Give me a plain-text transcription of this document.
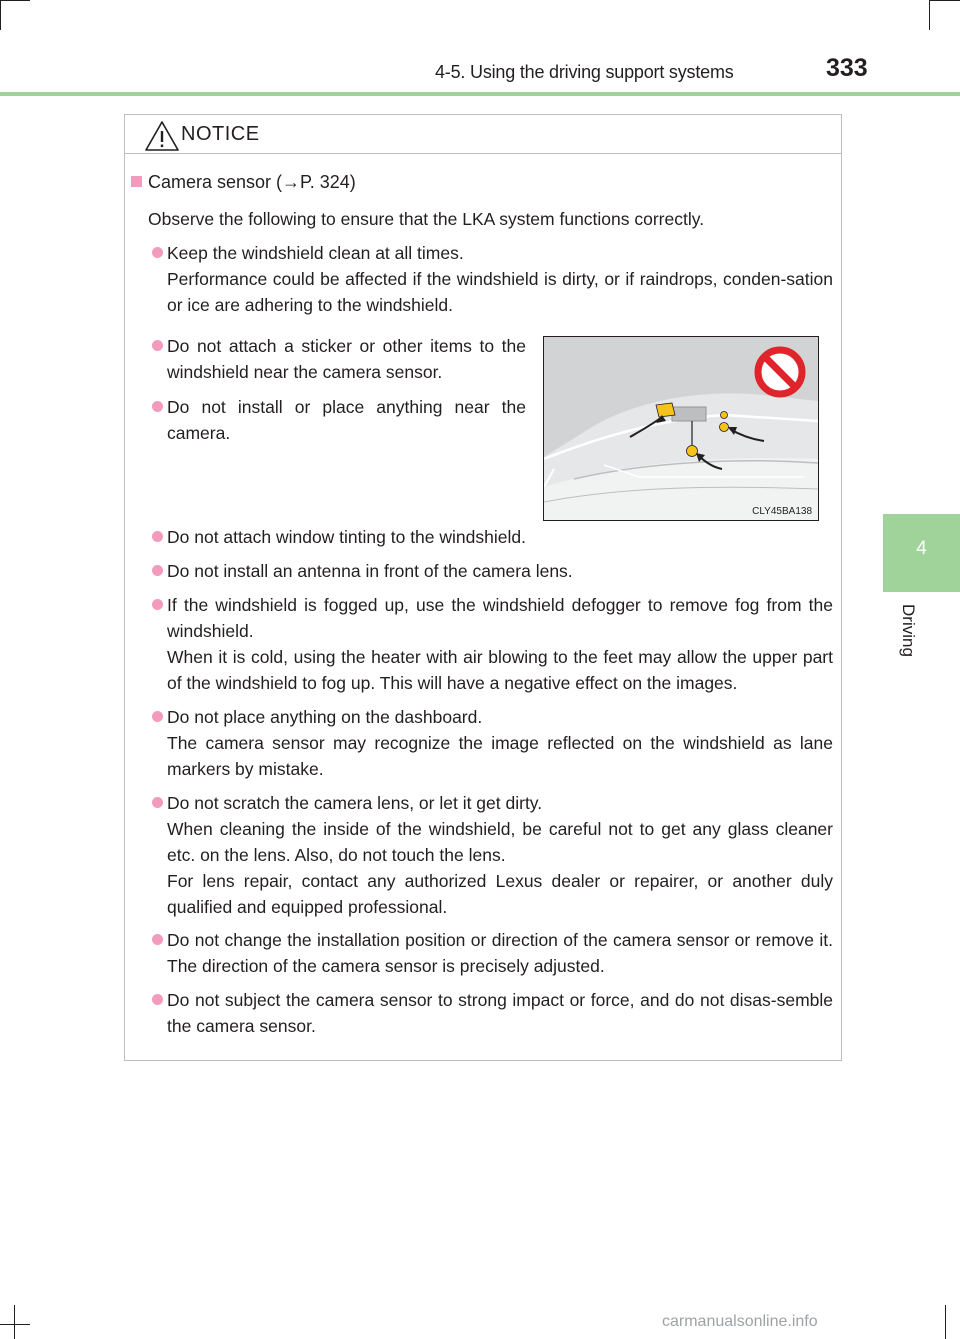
4-5. Using the driving support systems	333
4
Driving
NOTICE
Camera sensor (→P. 324)
Observe the following to ensure that the LKA system functions correctly.

Keep the windshield clean at all times.

Performance could be affected if the windshield is dirty, or if raindrops, conden-sation or ice are adhering to the windshield.

Do not attach a sticker or other items to the windshield near the camera sensor.

Do not install or place anything near the camera.

CLY45BA138

Do not attach window tinting to the windshield.

Do not install an antenna in front of the camera lens.

If the windshield is fogged up, use the windshield defogger to remove fog from the windshield.

When it is cold, using the heater with air blowing to the feet may allow the upper part of the windshield to fog up. This will have a negative effect on the images.

Do not place anything on the dashboard.

The camera sensor may recognize the image reflected on the windshield as lane markers by mistake.

Do not scratch the camera lens, or let it get dirty.

When cleaning the inside of the windshield, be careful not to get any glass cleaner etc. on the lens. Also, do not touch the lens.

For lens repair, contact any authorized Lexus dealer or repairer, or another duly qualified and equipped professional.

Do not change the installation position or direction of the camera sensor or remove it. The direction of the camera sensor is precisely adjusted.

Do not subject the camera sensor to strong impact or force, and do not disas-semble the camera sensor.

carmanualsonline.info
